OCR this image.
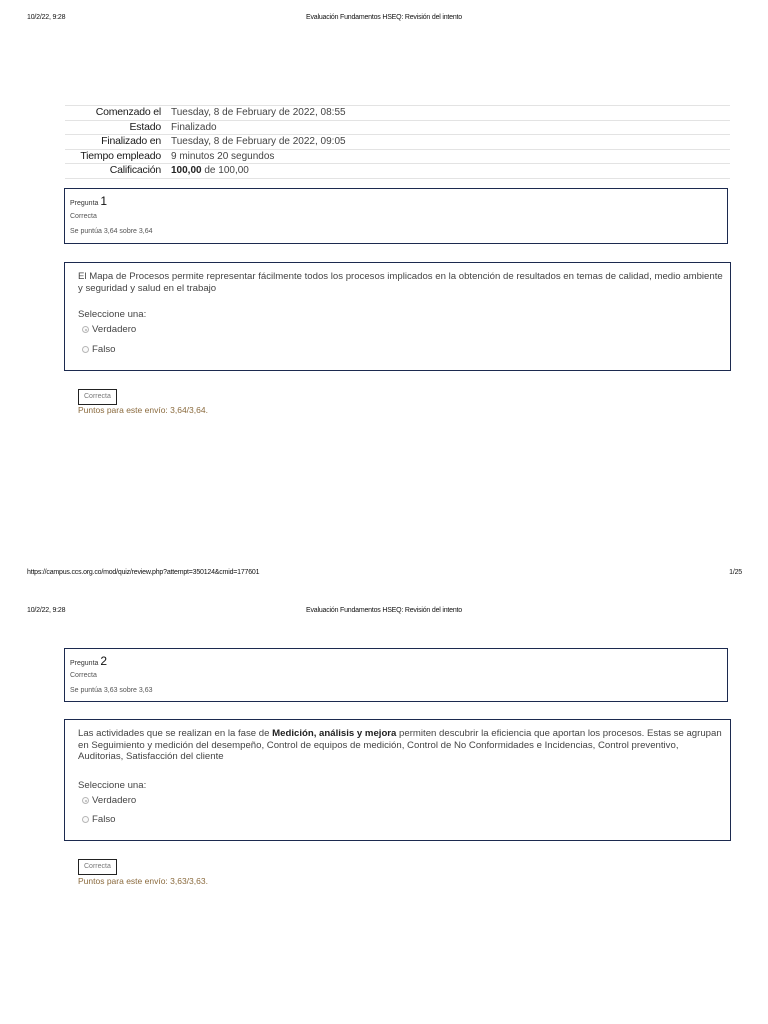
10/2/22, 9:28	Evaluación Fundamentos HSEQ: Revisión del intento
Comenzado el	Tuesday, 8 de February de 2022, 08:55
Estado	Finalizado
Finalizado en	Tuesday, 8 de February de 2022, 09:05
Tiempo empleado	9 minutos 20 segundos
Calificación	100,00 de 100,00
Pregunta 1
Correcta
Se puntúa 3,64 sobre 3,64
El Mapa de Procesos permite representar fácilmente todos los procesos implicados en la obtención de resultados en temas de calidad, medio ambiente y seguridad y salud en el trabajo
Seleccione una:
Verdadero
Falso
Correcta
Puntos para este envío: 3,64/3,64.
https://campus.ccs.org.co/mod/quiz/review.php?attempt=350124&cmid=177601	1/25
10/2/22, 9:28	Evaluación Fundamentos HSEQ: Revisión del intento
Pregunta 2
Correcta
Se puntúa 3,63 sobre 3,63
Las actividades que se realizan en la fase de Medición, análisis y mejora permiten descubrir la eficiencia que aportan los procesos. Estas se agrupan en Seguimiento y medición del desempeño, Control de equipos de medición, Control de No Conformidades e Incidencias, Control preventivo, Auditorias, Satisfacción del cliente
Seleccione una:
Verdadero
Falso
Correcta
Puntos para este envío: 3,63/3,63.
